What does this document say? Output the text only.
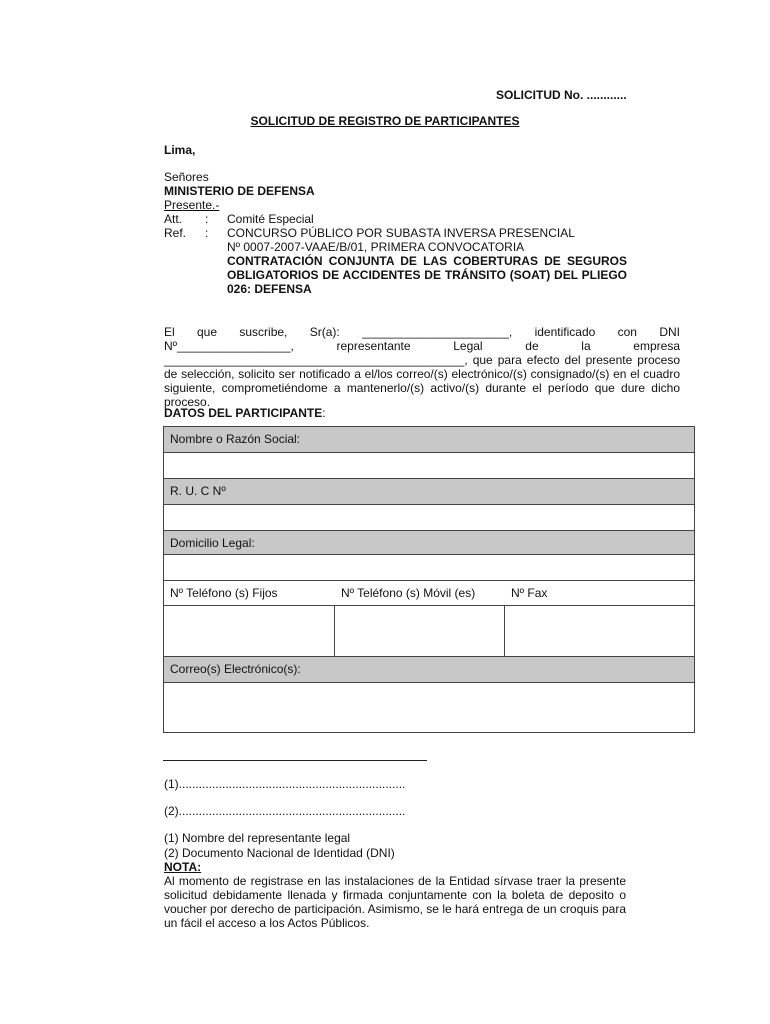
SOLICITUD No. ............
SOLICITUD DE REGISTRO DE PARTICIPANTES
Lima,
Señores
MINISTERIO DE DEFENSA
Presente.-
Att. : Comité Especial
Ref. : CONCURSO PÚBLICO POR SUBASTA INVERSA PRESENCIAL
Nº 0007-2007-VAAE/B/01, PRIMERA CONVOCATORIA
CONTRATACIÓN CONJUNTA DE LAS COBERTURAS DE SEGUROS OBLIGATORIOS DE ACCIDENTES DE TRÁNSITO (SOAT) DEL PLIEGO 026: DEFENSA
El que suscribe, Sr(a): ______________________, identificado con DNI Nº_________________, representante Legal de la empresa _____________________________________________, que para efecto del presente proceso de selección, solicito ser notificado a el/los correo/(s) electrónico/(s) consignado/(s) en el cuadro siguiente, comprometiéndome a mantenerlo/(s) activo/(s) durante el período que dure dicho proceso.
DATOS DEL PARTICIPANTE:
Nombre o Razón Social:
R. U. C Nº
Domicilio Legal:
Nº Teléfono (s) Fijos	Nº Teléfono (s) Móvil (es)	Nº Fax
Correo(s) Electrónico(s):
(1)....................................................................
(2)....................................................................
(1) Nombre del representante legal
(2) Documento Nacional de Identidad (DNI)
NOTA:
Al momento de registrase en las instalaciones de la Entidad sírvase traer la presente solicitud debidamente llenada y firmada conjuntamente con la boleta de deposito o voucher por derecho de participación. Asimismo, se le hará entrega de un croquis para un fácil el acceso a los Actos Públicos.
